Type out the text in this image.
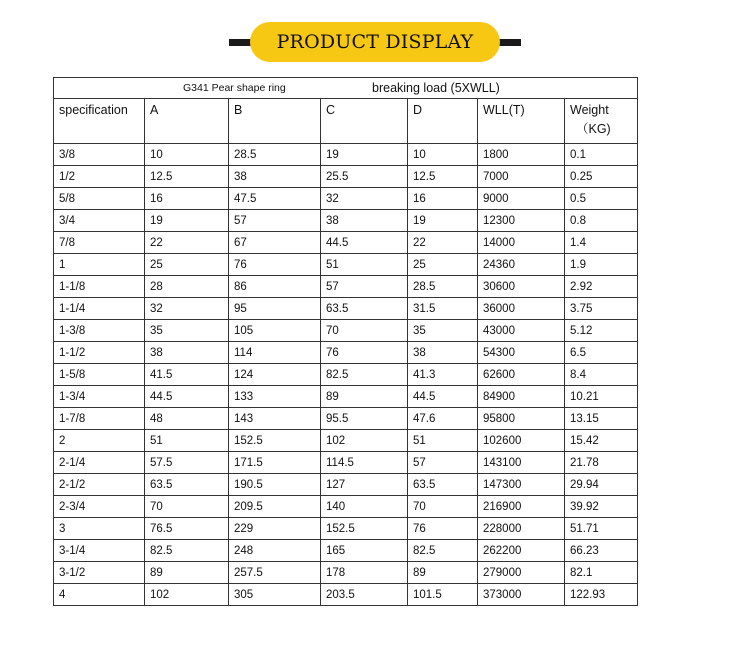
PRODUCT DISPLAY
G341 Pear shape ring breaking load (5XWLL)						

specification	A	B	C	D	WLL(T)	Weight
（KG)

3/8	10	28.5	19	10	1800	0.1
1/2	12.5	38	25.5	12.5	7000	0.25
5/8	16	47.5	32	16	9000	0.5
3/4	19	57	38	19	12300	0.8
7/8	22	67	44.5	22	14000	1.4
1	25	76	51	25	24360	1.9
1-1/8	28	86	57	28.5	30600	2.92
1-1/4	32	95	63.5	31.5	36000	3.75
1-3/8	35	105	70	35	43000	5.12
1-1/2	38	114	76	38	54300	6.5
1-5/8	41.5	124	82.5	41.3	62600	8.4
1-3/4	44.5	133	89	44.5	84900	10.21
1-7/8	48	143	95.5	47.6	95800	13.15
2	51	152.5	102	51	102600	15.42
2-1/4	57.5	171.5	114.5	57	143100	21.78
2-1/2	63.5	190.5	127	63.5	147300	29.94
2-3/4	70	209.5	140	70	216900	39.92
3	76.5	229	152.5	76	228000	51.71
3-1/4	82.5	248	165	82.5	262200	66.23
3-1/2	89	257.5	178	89	279000	82.1
4	102	305	203.5	101.5	373000	122.93
